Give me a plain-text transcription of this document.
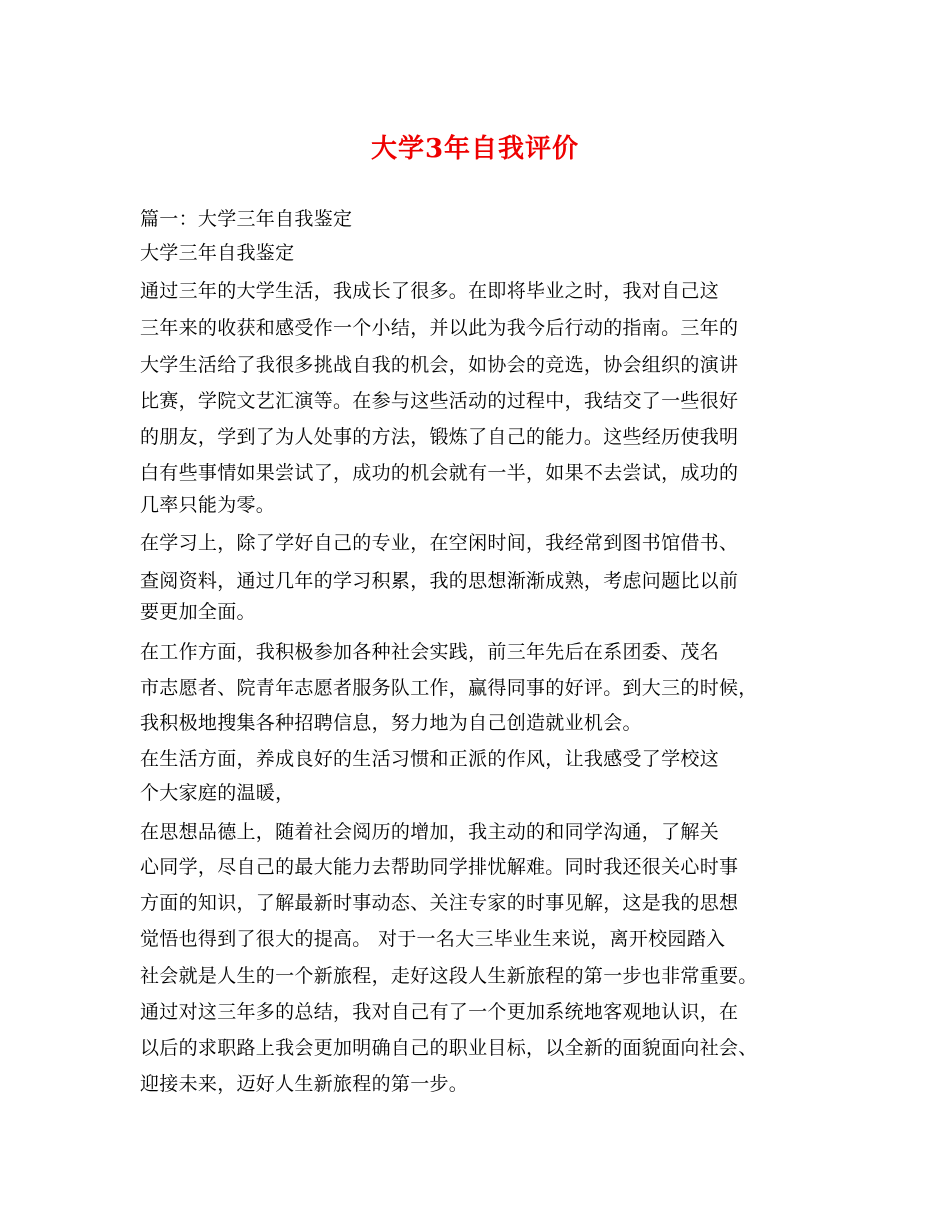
大学3年自我评价
篇一：大学三年自我鉴定
大学三年自我鉴定
通过三年的大学生活，我成长了很多。在即将毕业之时，我对自己这
三年来的收获和感受作一个小结，并以此为我今后行动的指南。三年的
大学生活给了我很多挑战自我的机会，如协会的竞选，协会组织的演讲
比赛，学院文艺汇演等。在参与这些活动的过程中，我结交了一些很好
的朋友，学到了为人处事的方法，锻炼了自己的能力。这些经历使我明
白有些事情如果尝试了，成功的机会就有一半，如果不去尝试，成功的
几率只能为零。
在学习上，除了学好自己的专业，在空闲时间，我经常到图书馆借书、
查阅资料，通过几年的学习积累，我的思想渐渐成熟，考虑问题比以前
要更加全面。
在工作方面，我积极参加各种社会实践，前三年先后在系团委、茂名
市志愿者、院青年志愿者服务队工作，赢得同事的好评。到大三的时候，
我积极地搜集各种招聘信息，努力地为自己创造就业机会。
在生活方面，养成良好的生活习惯和正派的作风，让我感受了学校这
个大家庭的温暖，
在思想品德上，随着社会阅历的增加，我主动的和同学沟通，了解关
心同学，尽自己的最大能力去帮助同学排忧解难。同时我还很关心时事
方面的知识，了解最新时事动态、关注专家的时事见解，这是我的思想
觉悟也得到了很大的提高。 对于一名大三毕业生来说，离开校园踏入
社会就是人生的一个新旅程，走好这段人生新旅程的第一步也非常重要。
通过对这三年多的总结，我对自己有了一个更加系统地客观地认识，在
以后的求职路上我会更加明确自己的职业目标，以全新的面貌面向社会、
迎接未来，迈好人生新旅程的第一步。
